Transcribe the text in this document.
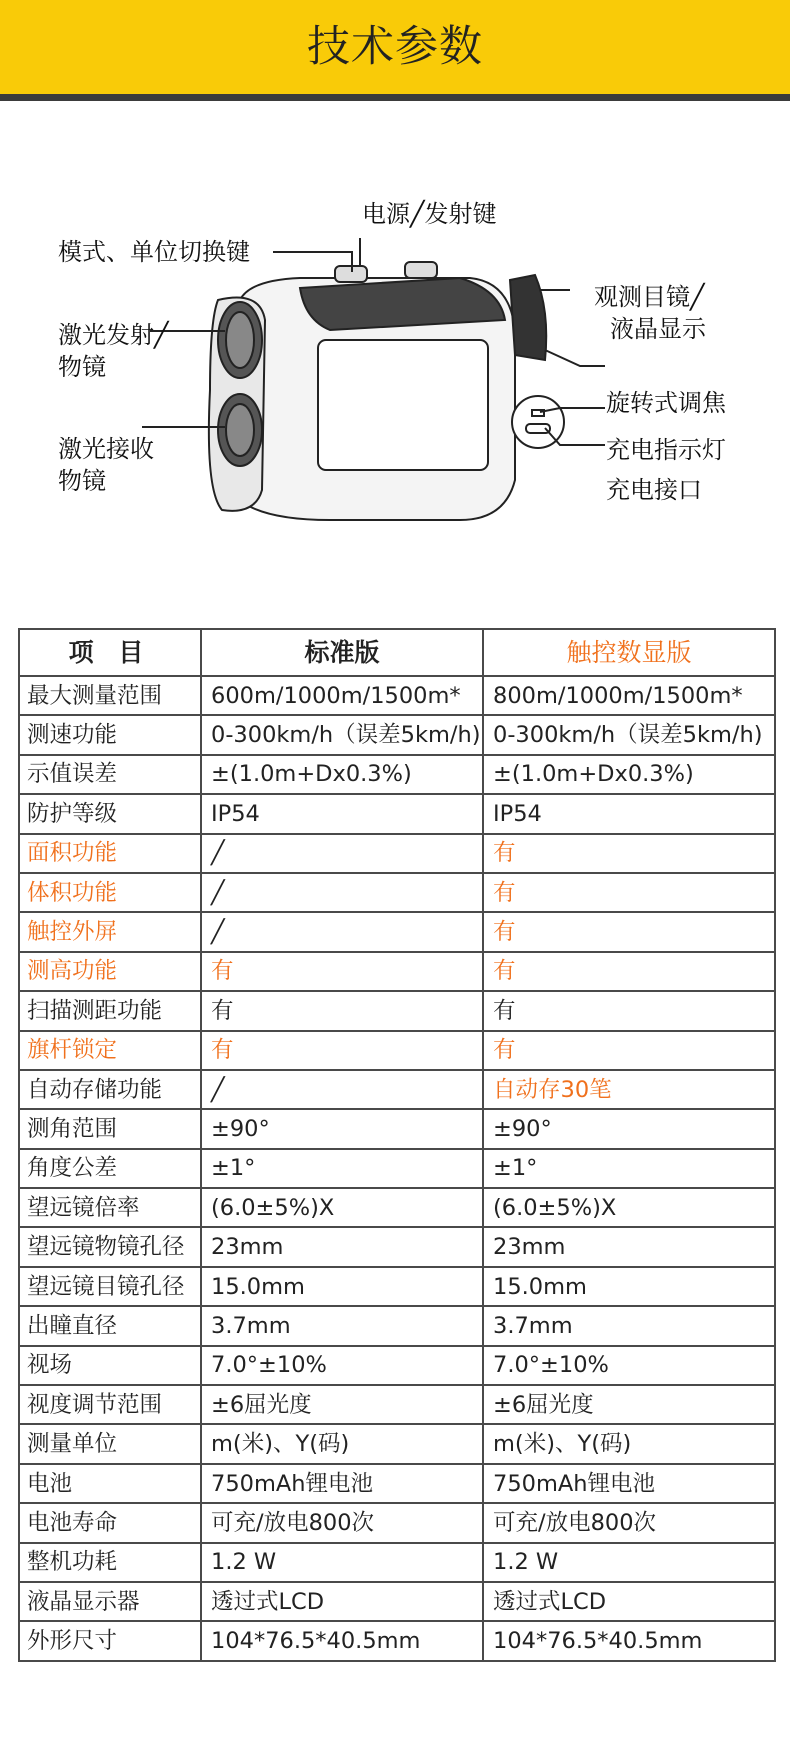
技术参数
电源╱发射键
模式、单位切换键
观测目镜╱
液晶显示
激光发射╱
物镜
旋转式调焦
激光接收
物镜
充电指示灯
充电接口
项 目	标准版	触控数显版
最大测量范围	600m/1000m/1500m*	800m/1000m/1500m*
测速功能	0-300km/h（误差5km/h)	0-300km/h（误差5km/h)
示值误差	±(1.0m+Dx0.3%)	±(1.0m+Dx0.3%)
防护等级	IP54	IP54
面积功能	╱	有
体积功能	╱	有
触控外屏	╱	有
测高功能	有	有
扫描测距功能	有	有
旗杆锁定	有	有
自动存储功能	╱	自动存30笔
测角范围	±90°	±90°
角度公差	±1°	±1°
望远镜倍率	(6.0±5%)X	(6.0±5%)X
望远镜物镜孔径	23mm	23mm
望远镜目镜孔径	15.0mm	15.0mm
出瞳直径	3.7mm	3.7mm
视场	7.0°±10%	7.0°±10%
视度调节范围	±6屈光度	±6屈光度
测量单位	m(米)、Y(码)	m(米)、Y(码)
电池	750mAh锂电池	750mAh锂电池
电池寿命	可充/放电800次	可充/放电800次
整机功耗	1.2 W	1.2 W
液晶显示器	透过式LCD	透过式LCD
外形尺寸	104*76.5*40.5mm	104*76.5*40.5mm
